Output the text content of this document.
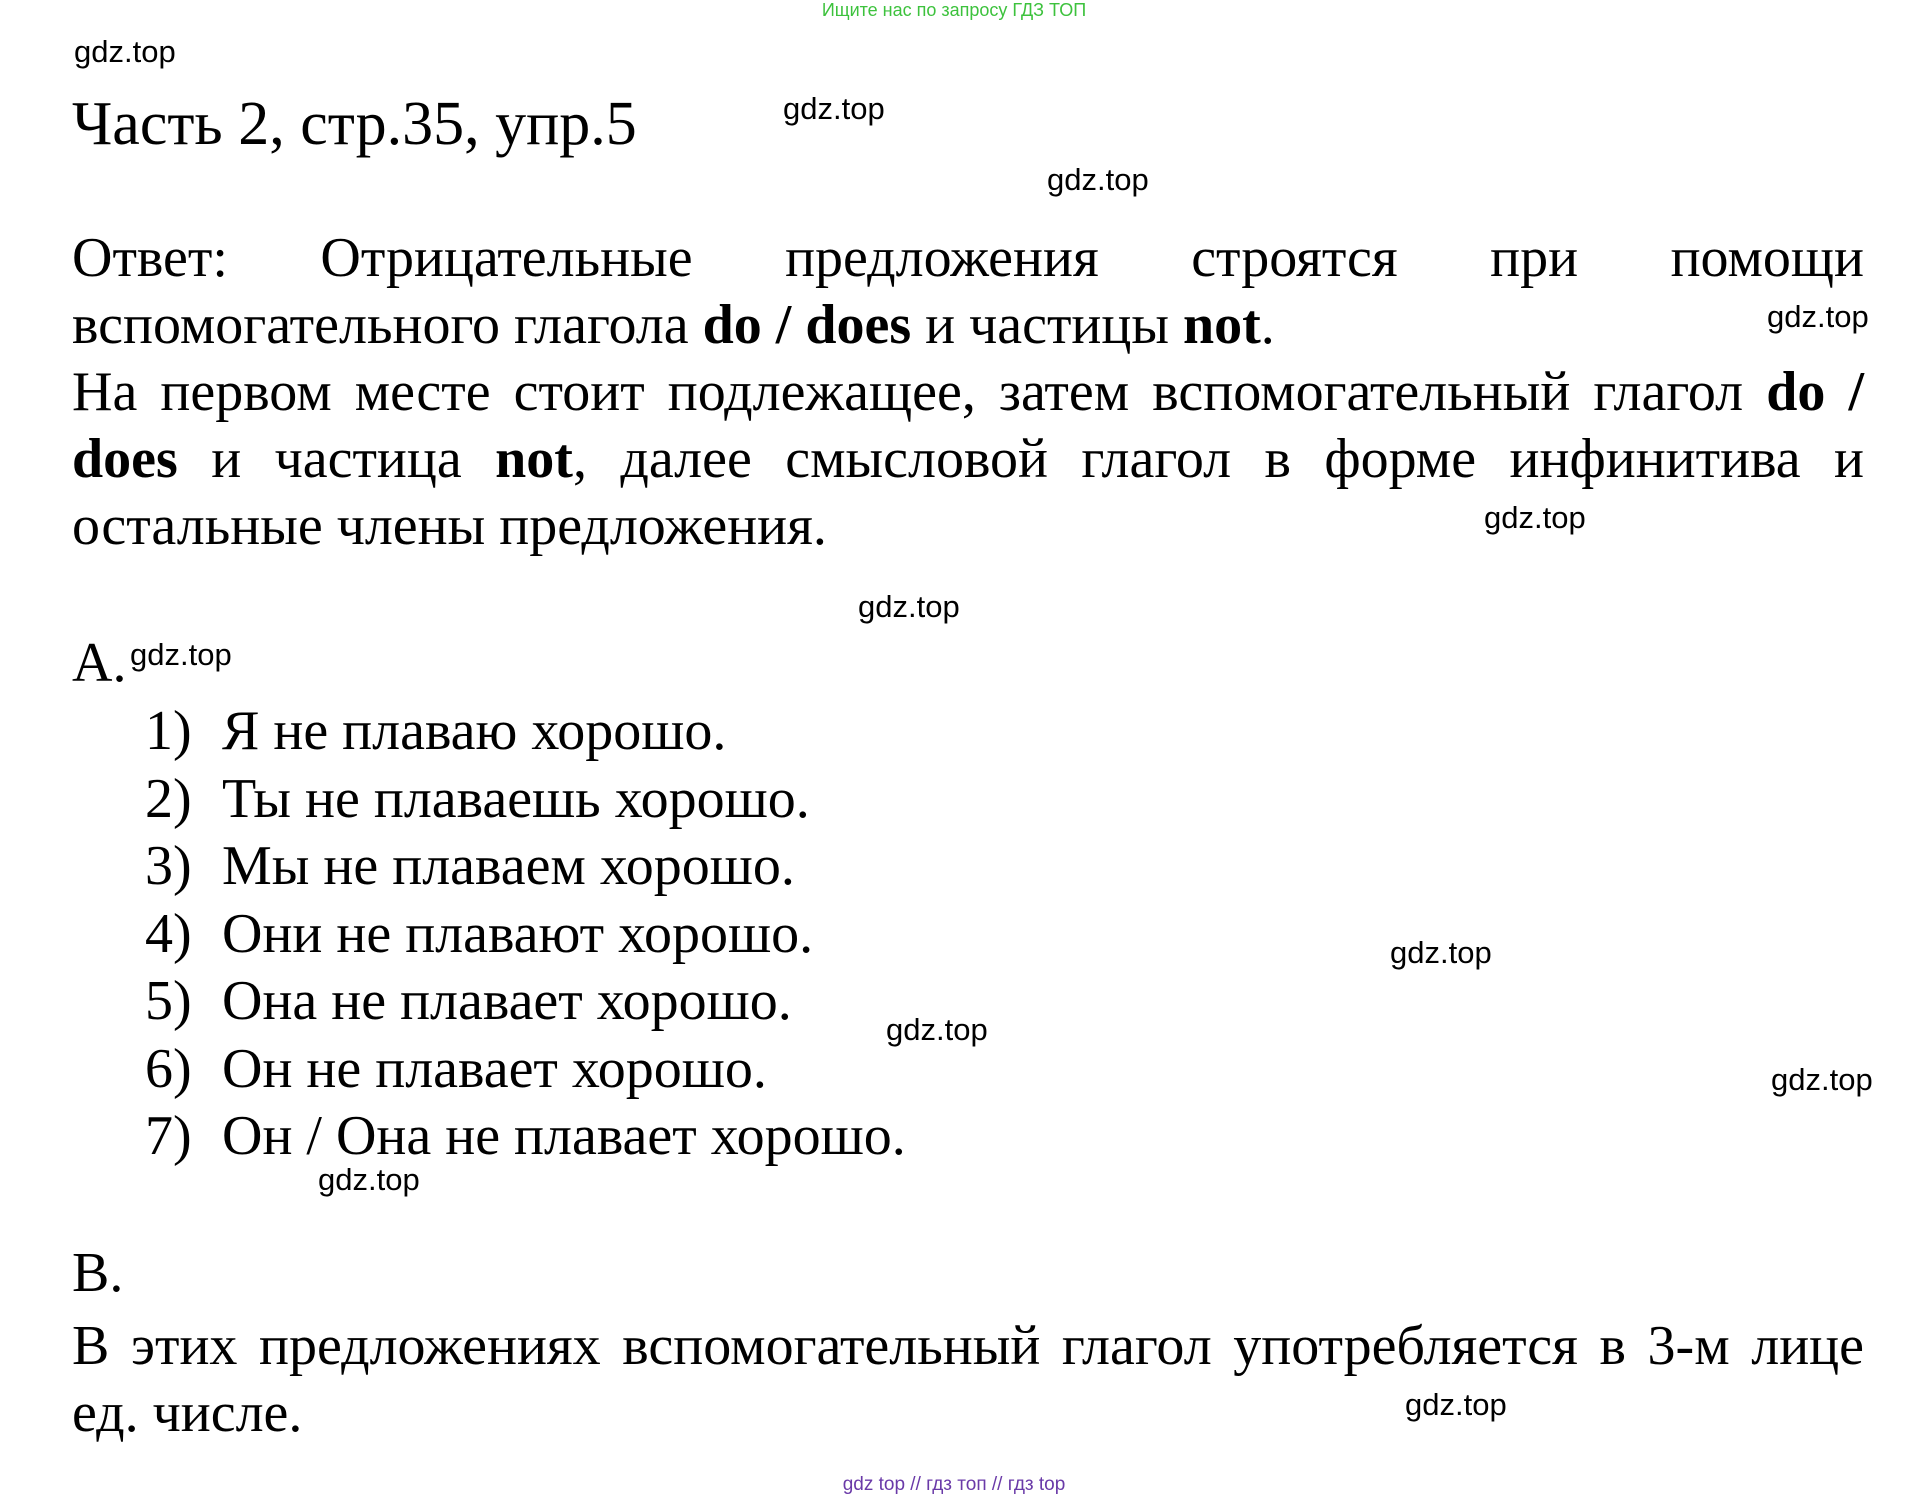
Ищите нас по запросу ГДЗ ТОП
gdz.top
Часть 2, стр.35, упр.5	gdz.top
gdz.top
Ответ: Отрицательные предложения строятся при помощи
вспомогательного глагола do / does и частицы not.	gdz.top
На первом месте стоит подлежащее, затем вспомогательный глагол do / does и частица not, далее смысловой глагол в форме инфинитива и остальные члены предложения.	gdz.top
gdz.top
А. gdz.top
1) Я не плаваю хорошо.
2) Ты не плаваешь хорошо.
3) Мы не плаваем хорошо.
4) Они не плавают хорошо.
5) Она не плавает хорошо.
6) Он не плавает хорошо.
7) Он / Она не плавает хорошо.
gdz.top
gdz.top
gdz.top
gdz.top
В.
В этих предложениях вспомогательный глагол употребляется в 3-м лице ед. числе.	gdz.top
gdz top // гдз топ // гдз top
